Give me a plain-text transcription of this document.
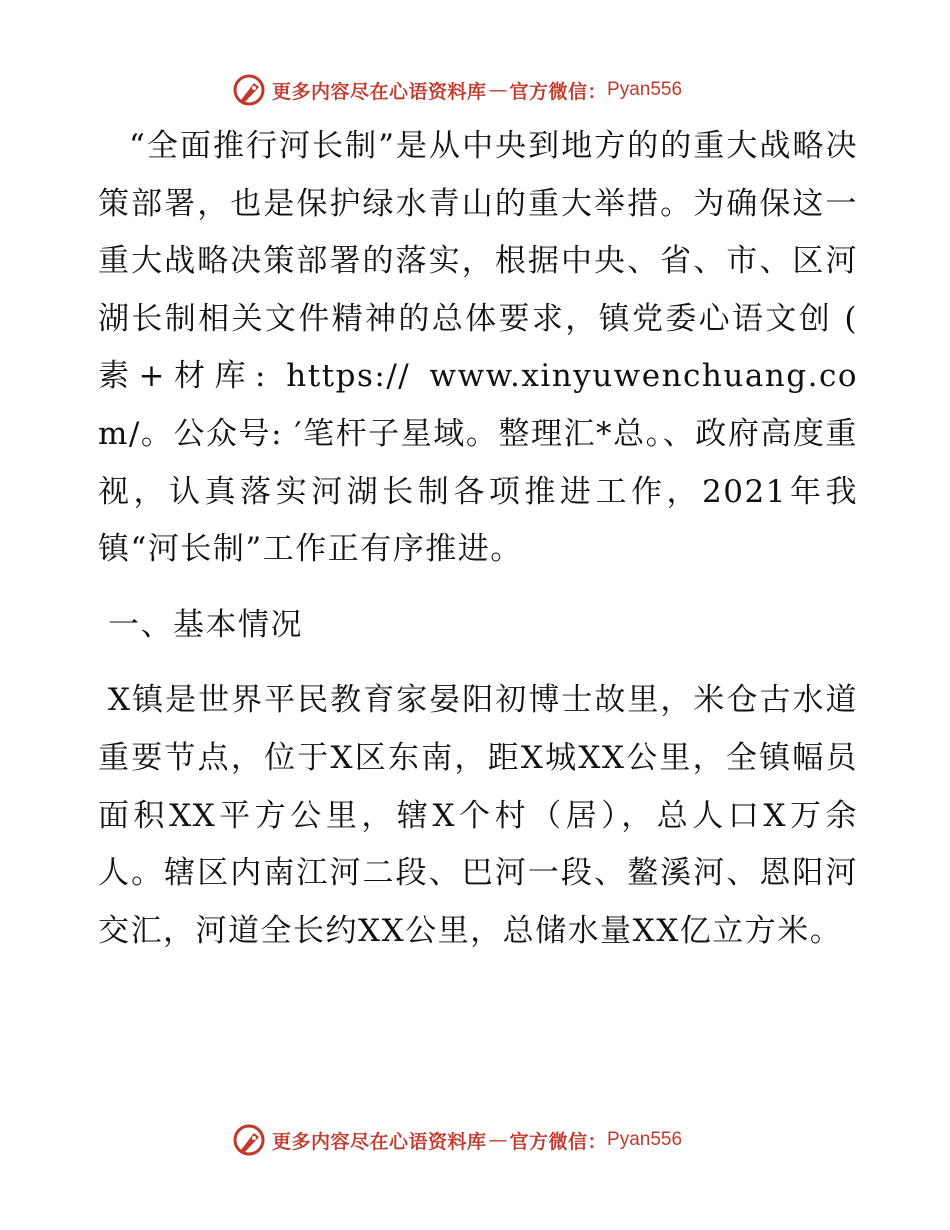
更多内容尽在心语资料库 — 官方微信： Pyan556

“全面推行河长制”是从中央到地方的的重大战略决策部署，也是保护绿水青山的重大举措。为确保这一重大战略决策部署的落实，根据中央、省、市、区河湖长制相关文件精神的总体要求，镇党委心语文创 ( 素+材库: https:// www.xinyuwenchuang.com/。公众号: ′笔杆子星域。整理汇*总。、政府高度重视，认真落实河湖长制各项推进工作，2021年我镇“河长制”工作正有序推进。

一、基本情况

X镇是世界平民教育家晏阳初博士故里，米仓古水道重要节点，位于X区东南，距X城XX公里，全镇幅员面积XX平方公里，辖X个村（居），总人口X万余人。辖区内南江河二段、巴河一段、鳌溪河、恩阳河交汇，河道全长约XX公里，总储水量XX亿立方米。

更多内容尽在心语资料库 — 官方微信： Pyan556
